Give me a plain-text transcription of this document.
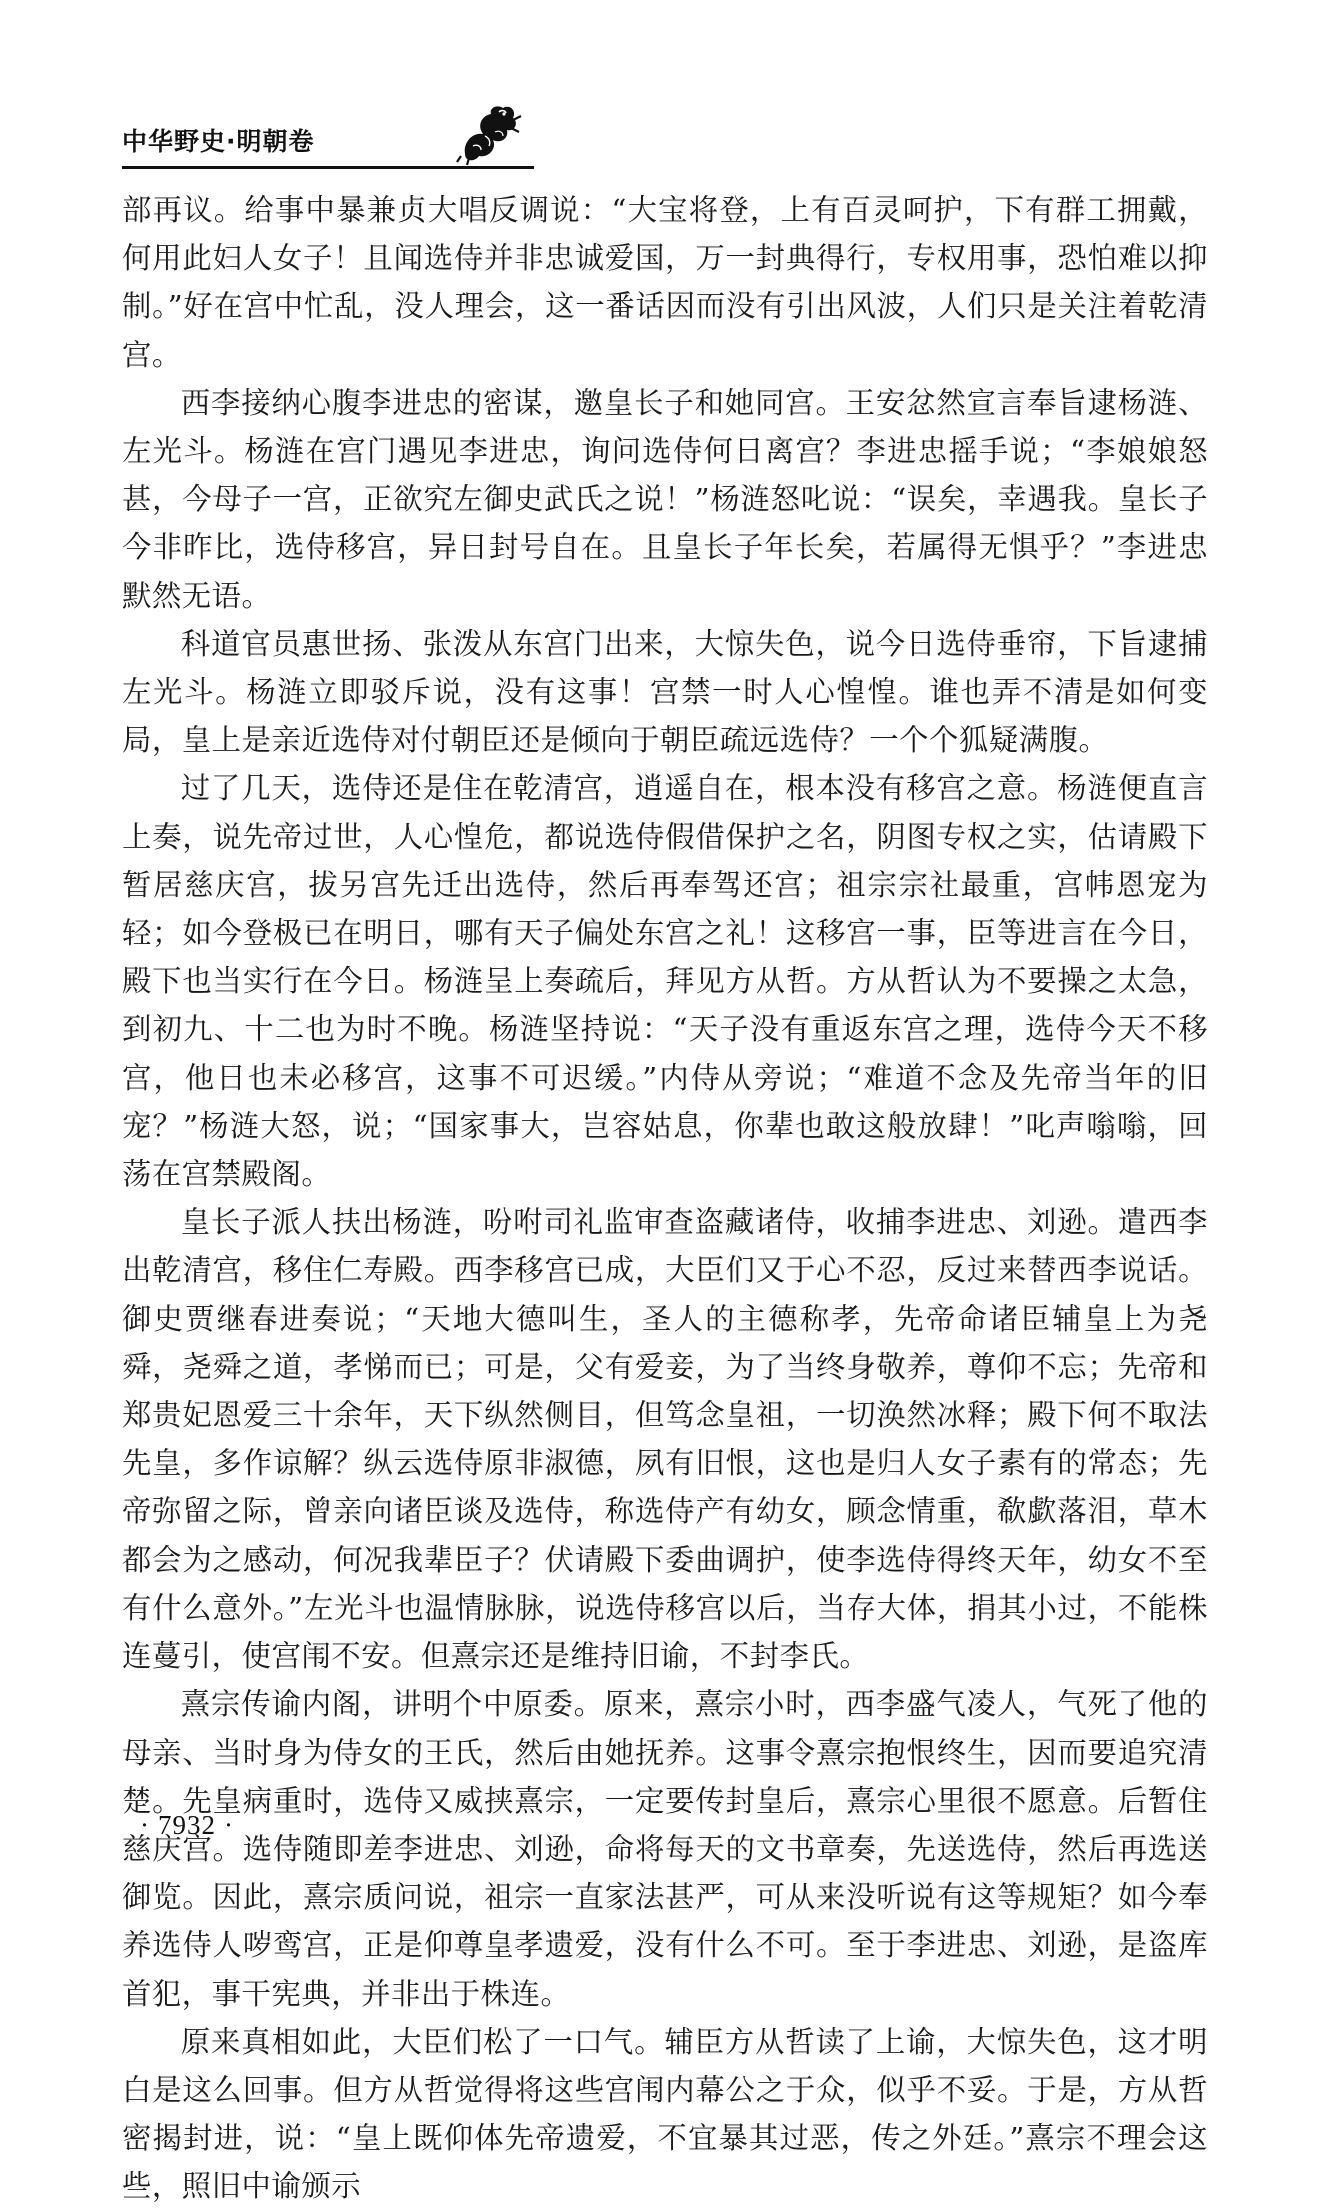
中华野史·明朝卷

部再议。给事中暴兼贞大唱反调说：“大宝将登，上有百灵呵护，下有群工拥戴，何用此妇人女子！且闻选侍并非忠诚爱国，万一封典得行，专权用事，恐怕难以抑制。”好在宫中忙乱，没人理会，这一番话因而没有引出风波，人们只是关注着乾清宫。

西李接纳心腹李进忠的密谋，邀皇长子和她同宫。王安忿然宣言奉旨逮杨涟、左光斗。杨涟在宫门遇见李进忠，询问选侍何日离宫？李进忠摇手说；“李娘娘怒甚，今母子一宫，正欲究左御史武氏之说！”杨涟怒叱说：“误矣，幸遇我。皇长子今非昨比，选侍移宫，异日封号自在。且皇长子年长矣，若属得无惧乎？”李进忠默然无语。

科道官员惠世扬、张泼从东宫门出来，大惊失色，说今日选侍垂帘，下旨逮捕左光斗。杨涟立即驳斥说，没有这事！宫禁一时人心惶惶。谁也弄不清是如何变局，皇上是亲近选侍对付朝臣还是倾向于朝臣疏远选侍？一个个狐疑满腹。

过了几天，选侍还是住在乾清宫，逍遥自在，根本没有移宫之意。杨涟便直言上奏，说先帝过世，人心惶危，都说选侍假借保护之名，阴图专权之实，估请殿下暂居慈庆宫，拔另宫先迁出选侍，然后再奉驾还宫；祖宗宗社最重，宫帏恩宠为轻；如今登极已在明日，哪有天子偏处东宫之礼！这移宫一事，臣等进言在今日，殿下也当实行在今日。杨涟呈上奏疏后，拜见方从哲。方从哲认为不要操之太急，到初九、十二也为时不晚。杨涟坚持说：“天子没有重返东宫之理，选侍今天不移宫，他日也未必移宫，这事不可迟缓。”内侍从旁说；“难道不念及先帝当年的旧宠？”杨涟大怒，说；“国家事大，岂容姑息，你辈也敢这般放肆！”叱声嗡嗡，回荡在宫禁殿阁。

皇长子派人扶出杨涟，吩咐司礼监审查盗藏诸侍，收捕李进忠、刘逊。遣西李出乾清宫，移住仁寿殿。西李移宫已成，大臣们又于心不忍，反过来替西李说话。御史贾继春进奏说；“天地大德叫生，圣人的主德称孝，先帝命诸臣辅皇上为尧舜，尧舜之道，孝悌而已；可是，父有爱妾，为了当终身敬养，尊仰不忘；先帝和郑贵妃恩爱三十余年，天下纵然侧目，但笃念皇祖，一切涣然冰释；殿下何不取法先皇，多作谅解？纵云选侍原非淑德，夙有旧恨，这也是归人女子素有的常态；先帝弥留之际，曾亲向诸臣谈及选侍，称选侍产有幼女，顾念情重，欷歔落泪，草木都会为之感动，何况我辈臣子？伏请殿下委曲调护，使李选侍得终天年，幼女不至有什么意外。”左光斗也温情脉脉，说选侍移宫以后，当存大体，捐其小过，不能株连蔓引，使宫闱不安。但熹宗还是维持旧谕，不封李氏。

熹宗传谕内阁，讲明个中原委。原来，熹宗小时，西李盛气凌人，气死了他的母亲、当时身为侍女的王氏，然后由她抚养。这事令熹宗抱恨终生，因而要追究清楚。先皇病重时，选侍又威挟熹宗，一定要传封皇后，熹宗心里很不愿意。后暂住慈庆宫。选侍随即差李进忠、刘逊，命将每天的文书章奏，先送选侍，然后再选送御览。因此，熹宗质问说，祖宗一直家法甚严，可从来没听说有这等规矩？如今奉养选侍人哕鸾宫，正是仰尊皇孝遗爱，没有什么不可。至于李进忠、刘逊，是盗库首犯，事干宪典，并非出于株连。

原来真相如此，大臣们松了一口气。辅臣方从哲读了上谕，大惊失色，这才明白是这么回事。但方从哲觉得将这些宫闱内幕公之于众，似乎不妥。于是，方从哲密揭封进，说：“皇上既仰体先帝遗爱，不宜暴其过恶，传之外廷。”熹宗不理会这些，照旧中谕颁示

· 7932 ·
